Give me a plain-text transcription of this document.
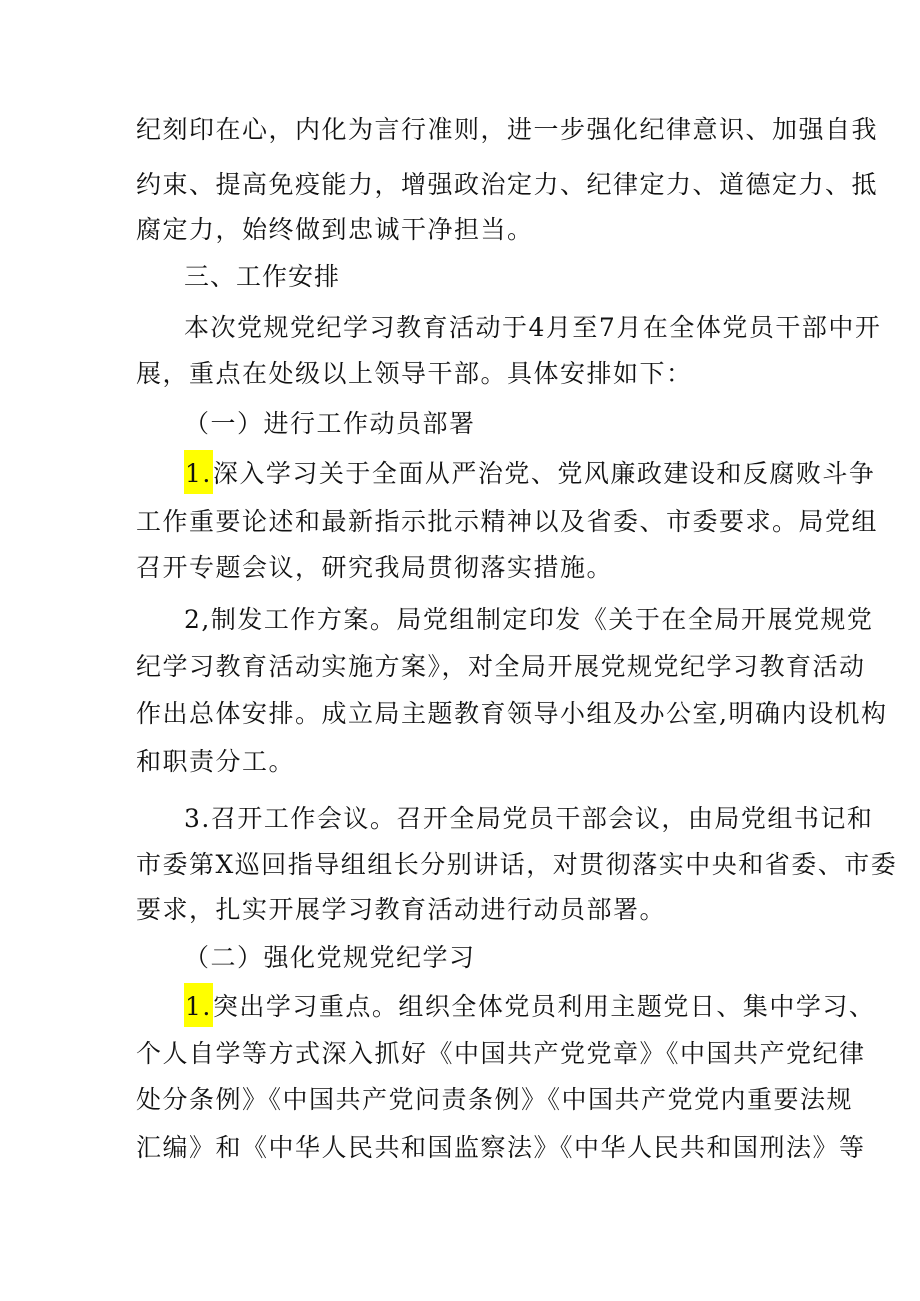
纪刻印在心，内化为言行准则，进一步强化纪律意识、加强自我
约束、提高免疫能力，增强政治定力、纪律定力、道德定力、抵
腐定力，始终做到忠诚干净担当。
三、工作安排
本次党规党纪学习教育活动于4月至7月在全体党员干部中开
展，重点在处级以上领导干部。具体安排如下：
（一）进行工作动员部署
1.深入学习关于全面从严治党、党风廉政建设和反腐败斗争
工作重要论述和最新指示批示精神以及省委、市委要求。局党组
召开专题会议，研究我局贯彻落实措施。
2,制发工作方案。局党组制定印发《关于在全局开展党规党
纪学习教育活动实施方案》，对全局开展党规党纪学习教育活动
作出总体安排。成立局主题教育领导小组及办公室,明确内设机构
和职责分工。
3.召开工作会议。召开全局党员干部会议，由局党组书记和
市委第X巡回指导组组长分别讲话，对贯彻落实中央和省委、市委
要求，扎实开展学习教育活动进行动员部署。
（二）强化党规党纪学习
1.突出学习重点。组织全体党员利用主题党日、集中学习、
个人自学等方式深入抓好《中国共产党党章》《中国共产党纪律
处分条例》《中国共产党问责条例》《中国共产党党内重要法规
汇编》和《中华人民共和国监察法》《中华人民共和国刑法》等
